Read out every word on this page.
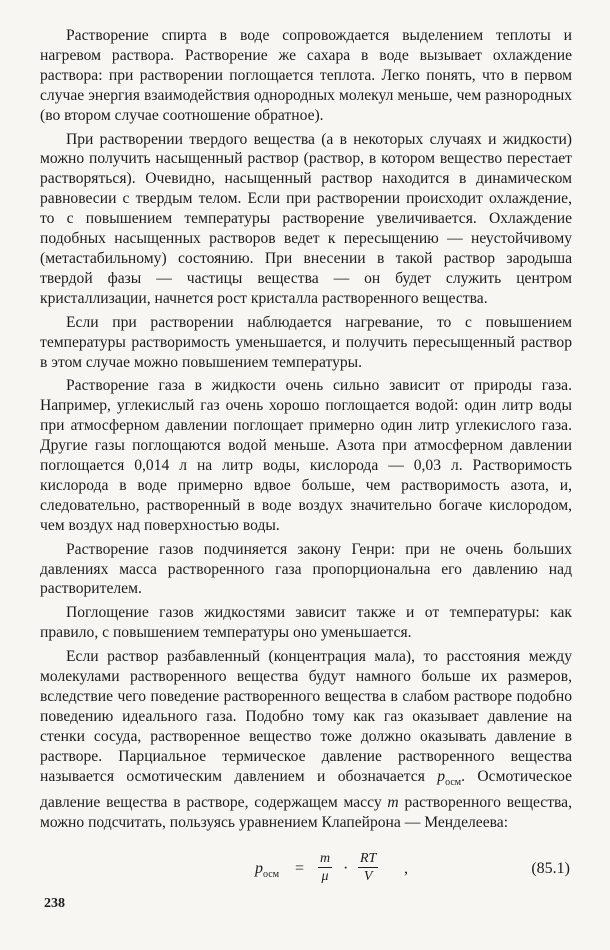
Растворение спирта в воде сопровождается выделением теплоты и нагревом раствора. Растворение же сахара в воде вызывает охлаждение раствора: при растворении поглощается теплота. Легко понять, что в первом случае энергия взаимодействия однородных молекул меньше, чем разнородных (во втором случае соотношение обратное).

При растворении твердого вещества (а в некоторых случаях и жидкости) можно получить насыщенный раствор (раствор, в котором вещество перестает растворяться). Очевидно, насыщенный раствор находится в динамическом равновесии с твердым телом. Если при растворении происходит охлаждение, то с повышением температуры растворение увеличивается. Охлаждение подобных насыщенных растворов ведет к пересыщению — неустойчивому (метастабильному) состоянию. При внесении в такой раствор зародыша твердой фазы — частицы вещества — он будет служить центром кристаллизации, начнется рост кристалла растворенного вещества.

Если при растворении наблюдается нагревание, то с повышением температуры растворимость уменьшается, и получить пересыщенный раствор в этом случае можно повышением температуры.

Растворение газа в жидкости очень сильно зависит от природы газа. Например, углекислый газ очень хорошо поглощается водой: один литр воды при атмосферном давлении поглощает примерно один литр углекислого газа. Другие газы поглощаются водой меньше. Азота при атмосферном давлении поглощается 0,014 л на литр воды, кислорода — 0,03 л. Растворимость кислорода в воде примерно вдвое больше, чем растворимость азота, и, следовательно, растворенный в воде воздух значительно богаче кислородом, чем воздух над поверхностью воды.

Растворение газов подчиняется закону Генри: при не очень больших давлениях масса растворенного газа пропорциональна его давлению над растворителем.

Поглощение газов жидкостями зависит также и от температуры: как правило, с повышением температуры оно уменьшается.

Если раствор разбавленный (концентрация мала), то расстояния между молекулами растворенного вещества будут намного больше их размеров, вследствие чего поведение растворенного вещества в слабом растворе подобно поведению идеального газа. Подобно тому как газ оказывает давление на стенки сосуда, растворенное вещество тоже должно оказывать давление в растворе. Парциальное термическое давление растворенного вещества называется осмотическим давлением и обозначается $p_{осм}$. Осмотическое давление вещества в растворе, содержащем массу m растворенного вещества, можно подсчитать, пользуясь уравнением Клапейрона — Менделеева:

$p_{осм} = \frac{m}{\mu} \cdot \frac{RT}{V}$ ,	(85.1)
238
